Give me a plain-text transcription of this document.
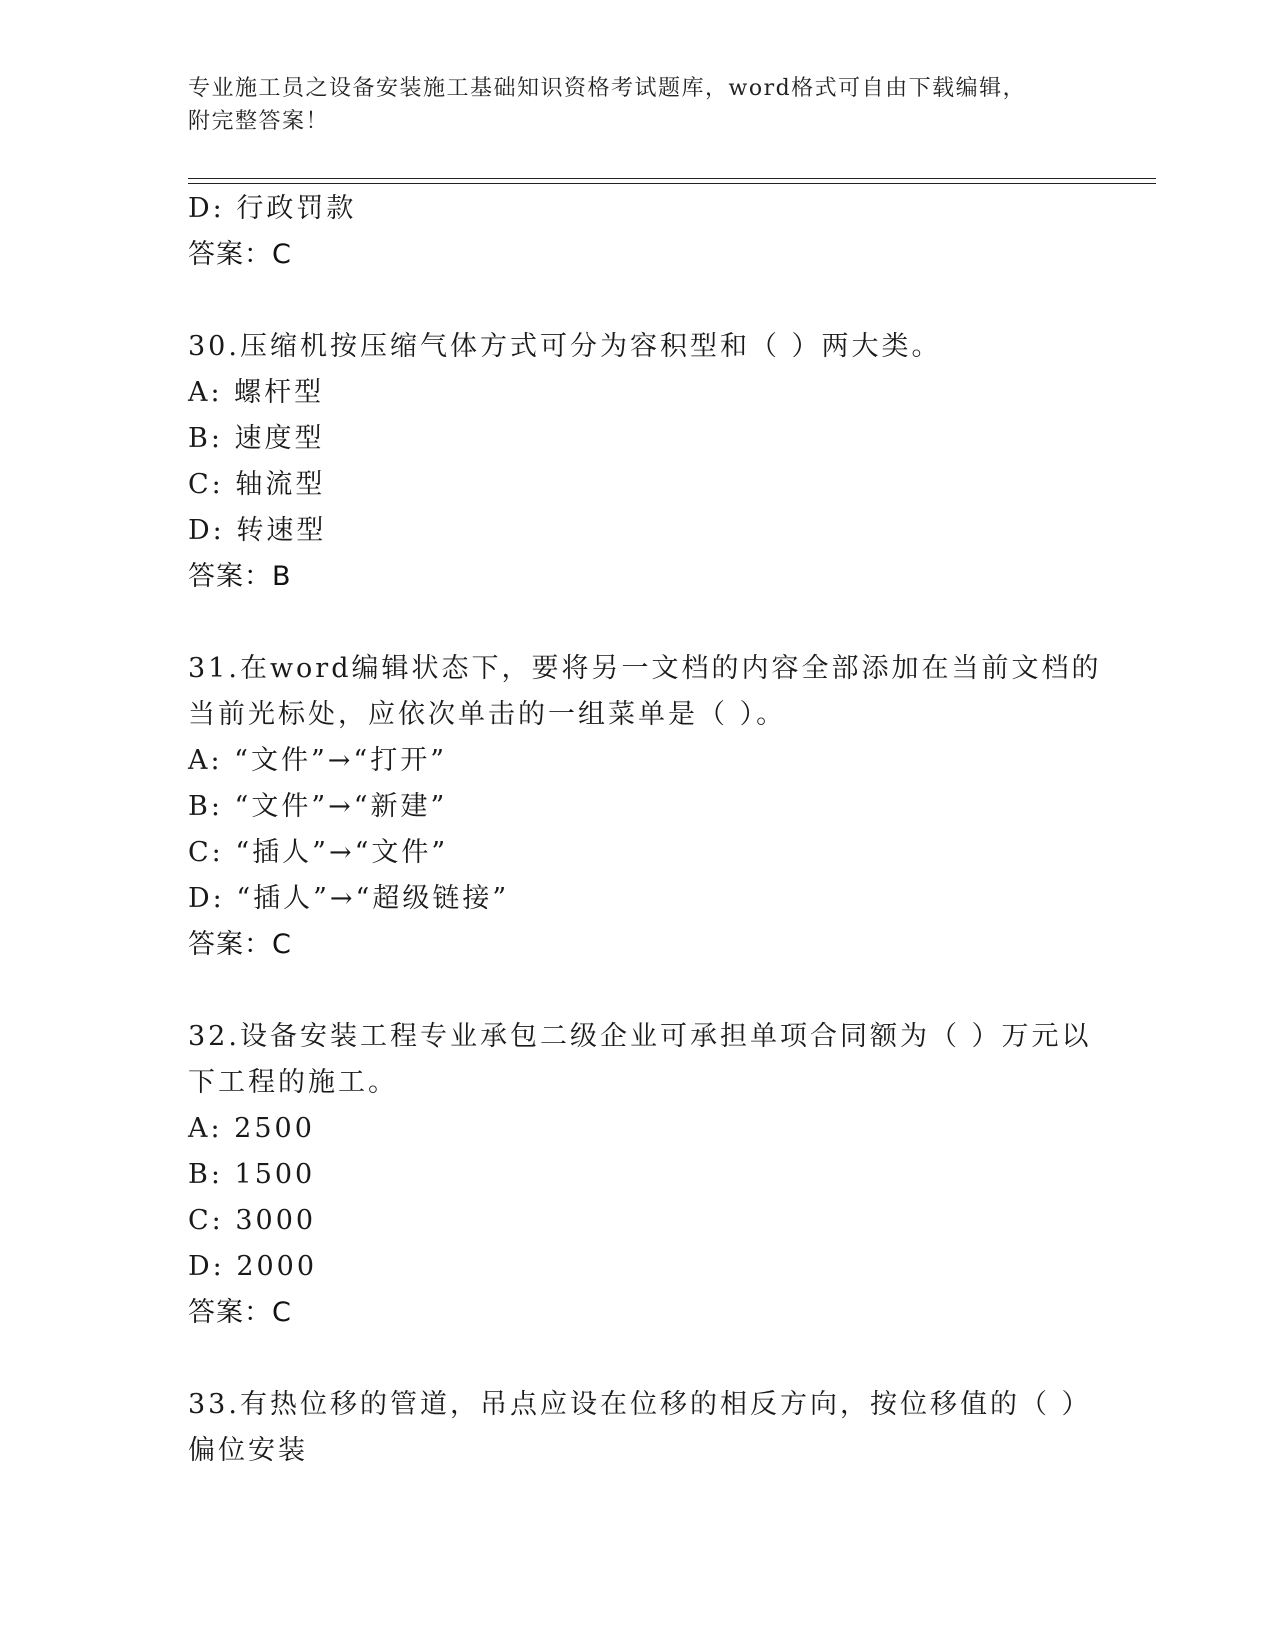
专业施工员之设备安装施工基础知识资格考试题库，word格式可自由下载编辑，
附完整答案！
D: 行政罚款
答案：C
30.压缩机按压缩气体方式可分为容积型和（ ）两大类。
A: 螺杆型
B: 速度型
C: 轴流型
D: 转速型
答案：B
31.在word编辑状态下，要将另一文档的内容全部添加在当前文档的
当前光标处，应依次单击的一组菜单是（ ）。
A: “文件”→“打开”
B: “文件”→“新建”
C: “插人”→“文件”
D: “插人”→“超级链接”
答案：C
32.设备安装工程专业承包二级企业可承担单项合同额为（ ）万元以
下工程的施工。
A: 2500
B: 1500
C: 3000
D: 2000
答案：C
33.有热位移的管道，吊点应设在位移的相反方向，按位移值的（ ）
偏位安装
